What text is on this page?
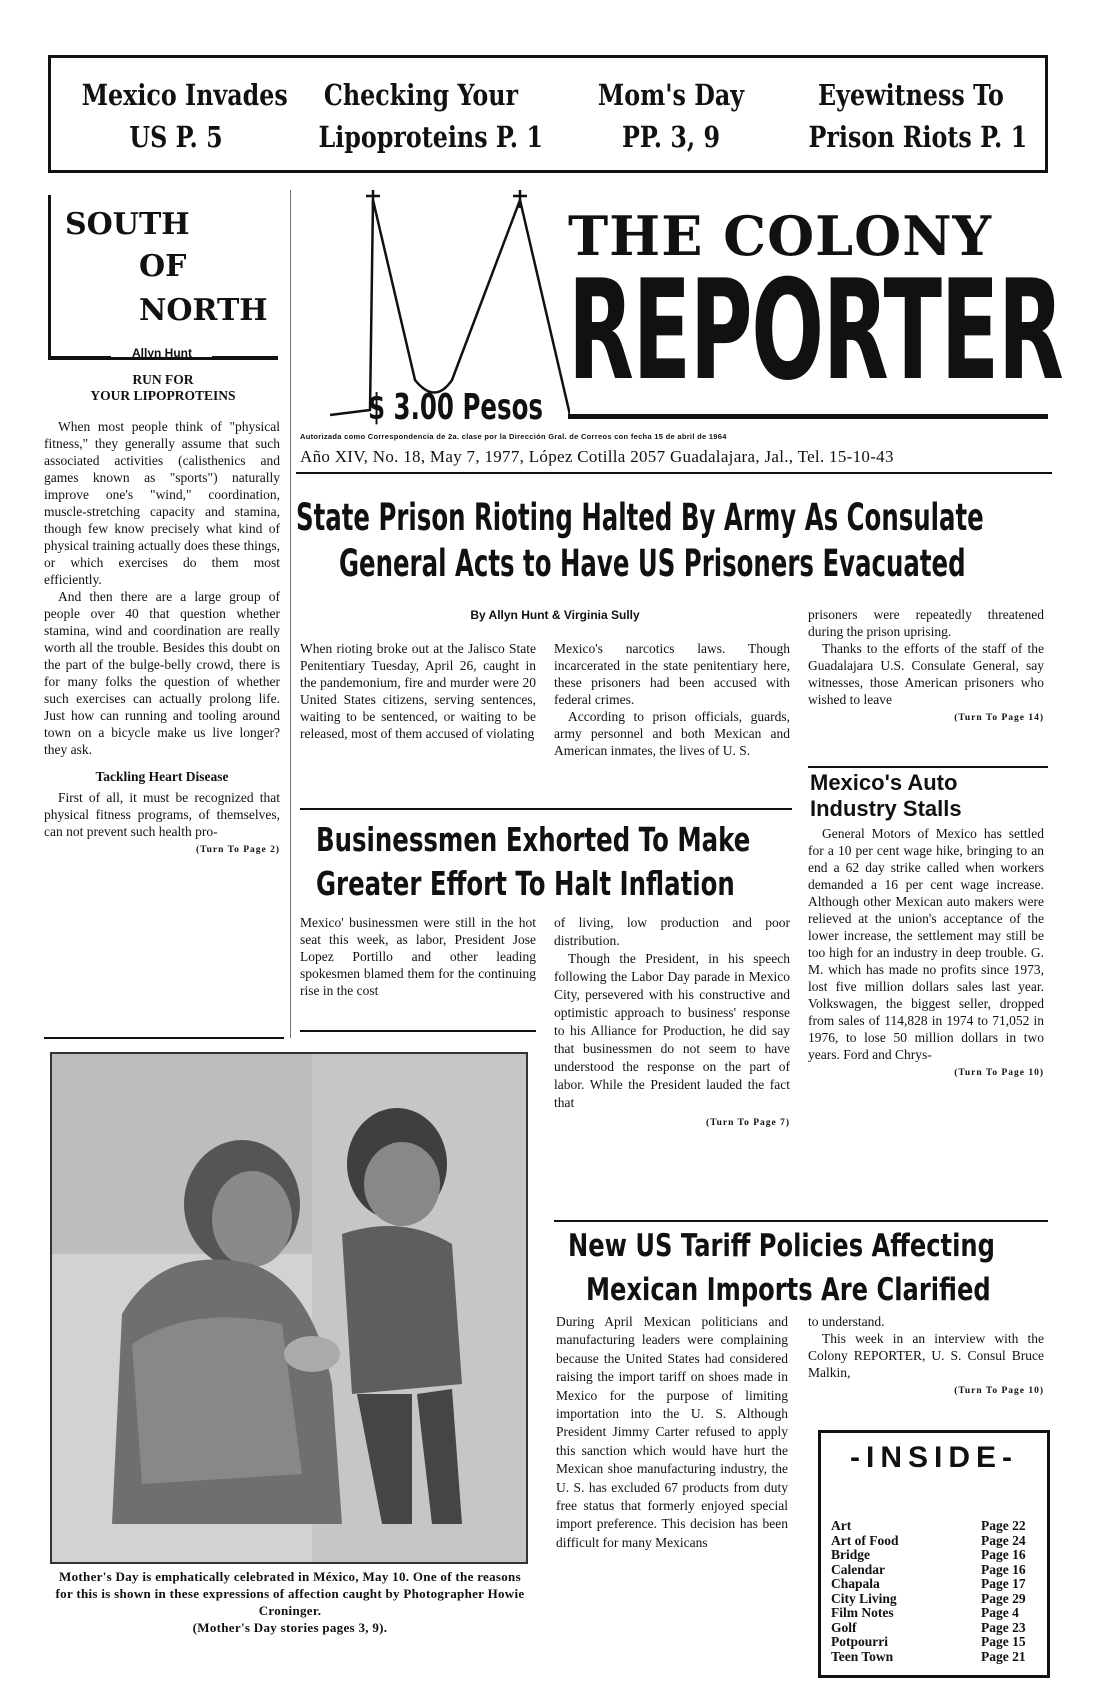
Mexico Invades
US P. 5
Checking Your
Lipoproteins P. 1
Mom's Day
PP. 3, 9
Eyewitness To
Prison Riots P. 1
SOUTH
OF
NORTH
Allyn Hunt
RUN FOR
YOUR LIPOPROTEINS
When most people think of "physical fitness," they generally assume that such associated activities (calisthenics and games known as "sports") naturally improve one's "wind," coordination, muscle-stretching capacity and stamina, though few know precisely what kind of physical training actually does these things, or which exercises do them most efficiently.
And then there are a large group of people over 40 that question whether stamina, wind and coordination are really worth all the trouble. Besides this doubt on the part of the bulge-belly crowd, there is for many folks the question of whether such exercises can actually prolong life. Just how can running and tooling around town on a bicycle make us live longer? they ask.
Tackling Heart Disease
First of all, it must be recognized that physical fitness programs, of themselves, can not prevent such health pro-
(Turn To Page 2)
THE COLONY
REPORTER
$ 3.00 Pesos
Autorizada como Correspondencia de 2a. clase por la Dirección Gral. de Correos con fecha 15 de abril de 1964
Año XIV, No. 18, May 7, 1977, López Cotilla 2057 Guadalajara, Jal., Tel. 15-10-43
State Prison Rioting Halted By Army As Consulate
General Acts to Have US Prisoners Evacuated
By Allyn Hunt & Virginia Sully
When rioting broke out at the Jalisco State Penitentiary Tuesday, April 26, caught in the pandemonium, fire and murder were 20 United States citizens, serving sentences, waiting to be sentenced, or waiting to be released, most of them accused of violating
Mexico's narcotics laws. Though incarcerated in the state penitentiary here, these prisoners had been accused with federal crimes.
According to prison officials, guards, army personnel and both Mexican and American inmates, the lives of U. S.
prisoners were repeatedly threatened during the prison uprising.
Thanks to the efforts of the staff of the Guadalajara U.S. Consulate General, say witnesses, those American prisoners who wished to leave
(Turn To Page 14)
Mexico's Auto Industry Stalls
General Motors of Mexico has settled for a 10 per cent wage hike, bringing to an end a 62 day strike called when workers demanded a 16 per cent wage increase. Although other Mexican auto makers were relieved at the union's acceptance of the lower increase, the settlement may still be too high for an industry in deep trouble. G. M. which has made no profits since 1973, lost five million dollars sales last year. Volkswagen, the biggest seller, dropped from sales of 114,828 in 1974 to 71,052 in 1976, to lose 50 million dollars in two years. Ford and Chrys-
(Turn To Page 10)
Businessmen Exhorted To Make
Greater Effort To Halt Inflation
Mexico' businessmen were still in the hot seat this week, as labor, President Jose Lopez Portillo and other leading spokesmen blamed them for the continuing rise in the cost
of living, low production and poor distribution.
Though the President, in his speech following the Labor Day parade in Mexico City, persevered with his constructive and optimistic approach to business' response to his Alliance for Production, he did say that businessmen do not seem to have understood the response on the part of labor. While the President lauded the fact that
(Turn To Page 7)
Mother's Day is emphatically celebrated in México, May 10. One of the reasons for this is shown in these expressions of affection caught by Photographer Howie Croninger.
(Mother's Day stories pages 3, 9).
New US Tariff Policies Affecting
Mexican Imports Are Clarified
During April Mexican politicians and manufacturing leaders were complaining because the United States had considered raising the import tariff on shoes made in Mexico for the purpose of limiting importation into the U. S. Although President Jimmy Carter refused to apply this sanction which would have hurt the Mexican shoe manufacturing industry, the U. S. has excluded 67 products from duty free status that formerly enjoyed special import preference. This decision has been difficult for many Mexicans
to understand.
This week in an interview with the Colony REPORTER, U. S. Consul Bruce Malkin,
(Turn To Page 10)
-INSIDE-
Art	Page 22
Art of Food	Page 24
Bridge	Page 16
Calendar	Page 16
Chapala	Page 17
City Living	Page 29
Film Notes	Page 4
Golf	Page 23
Potpourri	Page 15
Teen Town	Page 21
